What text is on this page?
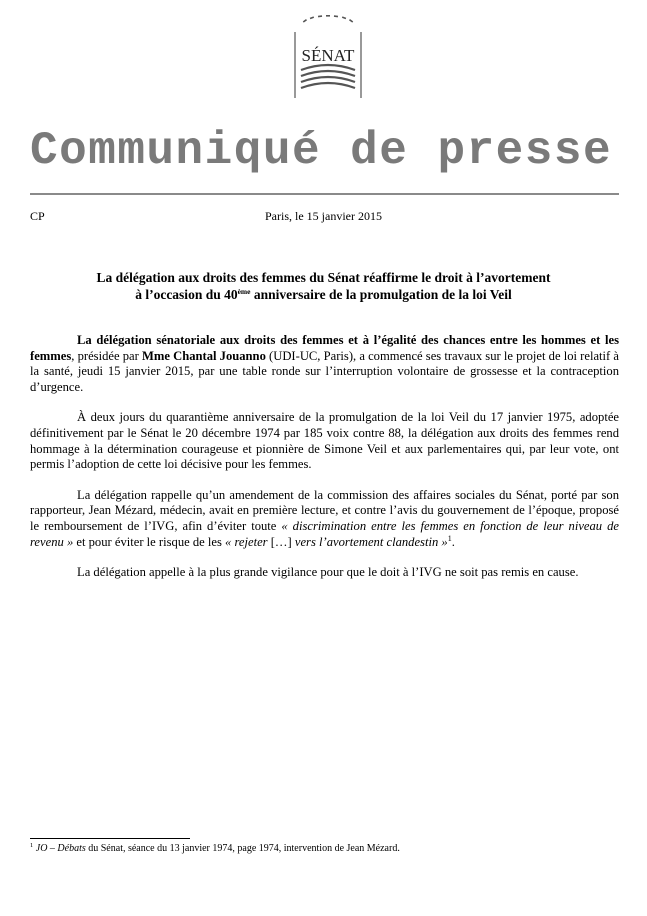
SÉNAT
Communiqué de presse
CP	Paris, le 15 janvier 2015
La délégation aux droits des femmes du Sénat réaffirme le droit à l’avortement
à l’occasion du 40ème anniversaire de la promulgation de la loi Veil

La délégation sénatoriale aux droits des femmes et à l’égalité des chances entre les hommes et les femmes, présidée par Mme Chantal Jouanno (UDI-UC, Paris), a commencé ses travaux sur le projet de loi relatif à la santé, jeudi 15 janvier 2015, par une table ronde sur l’interruption volontaire de grossesse et la contraception d’urgence.

À deux jours du quarantième anniversaire de la promulgation de la loi Veil du 17 janvier 1975, adoptée définitivement par le Sénat le 20 décembre 1974 par 185 voix contre 88, la délégation aux droits des femmes rend hommage à la détermination courageuse et pionnière de Simone Veil et aux parlementaires qui, par leur vote, ont permis l’adoption de cette loi décisive pour les femmes.

La délégation rappelle qu’un amendement de la commission des affaires sociales du Sénat, porté par son rapporteur, Jean Mézard, médecin, avait en première lecture, et contre l’avis du gouvernement de l’époque, proposé le remboursement de l’IVG, afin d’éviter toute « discrimination entre les femmes en fonction de leur niveau de revenu » et pour éviter le risque de les « rejeter […] vers l’avortement clandestin »$^1$.

La délégation appelle à la plus grande vigilance pour que le doit à l’IVG ne soit pas remis en cause.

$^1$ JO – Débats du Sénat, séance du 13 janvier 1974, page 1974, intervention de Jean Mézard.
